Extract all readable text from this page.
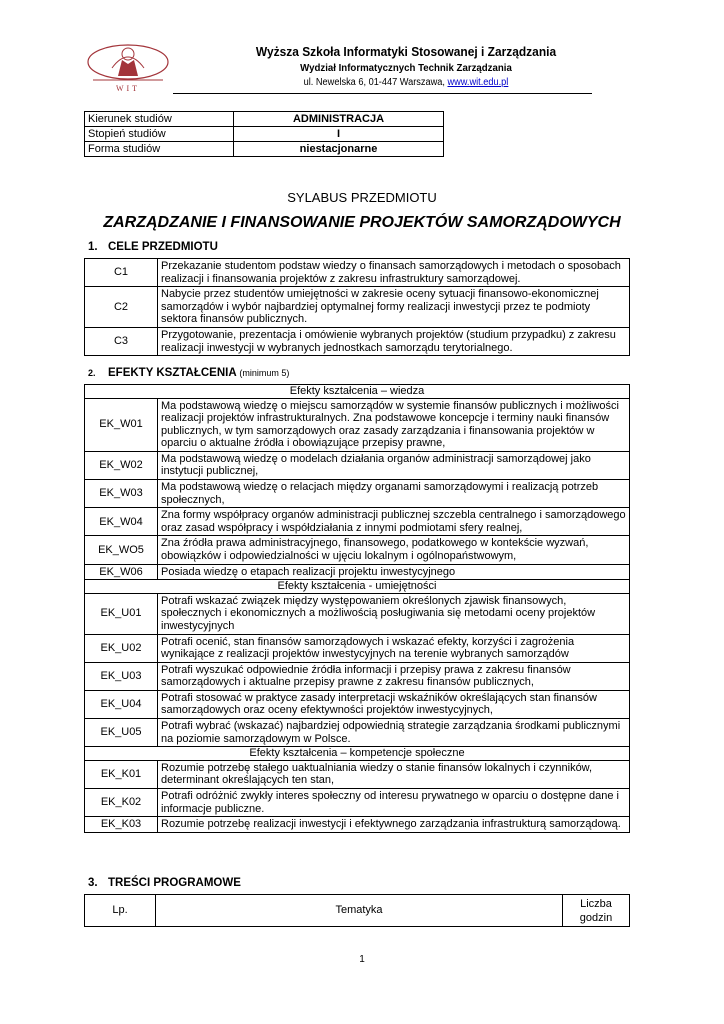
WIT
Wyższa Szkoła Informatyki Stosowanej i Zarządzania
Wydział Informatycznych Technik Zarządzania
ul. Newelska 6, 01-447 Warszawa, www.wit.edu.pl
Kierunek studiów	ADMINISTRACJA
Stopień studiów	I
Forma studiów	niestacjonarne
SYLABUS PRZEDMIOTU
ZARZĄDZANIE I FINANSOWANIE PROJEKTÓW SAMORZĄDOWYCH
1. CELE PRZEDMIOTU
C1	Przekazanie studentom podstaw wiedzy o finansach samorządowych i metodach o sposobach realizacji i finansowania projektów z zakresu infrastruktury samorządowej.
C2	Nabycie przez studentów umiejętności w zakresie oceny sytuacji finansowo-ekonomicznej samorządów i wybór najbardziej optymalnej formy realizacji inwestycji przez te podmioty sektora finansów publicznych.
C3	Przygotowanie, prezentacja i omówienie wybranych projektów (studium przypadku) z zakresu realizacji inwestycji w wybranych jednostkach samorządu terytorialnego.
2. EFEKTY KSZTAŁCENIA (minimum 5)
Efekty kształcenia – wiedza	
EK_W01	Ma podstawową wiedzę o miejscu samorządów w systemie finansów publicznych i możliwości realizacji projektów infrastrukturalnych. Zna podstawowe koncepcje i terminy nauki finansów publicznych, w tym samorządowych oraz zasady zarządzania i finansowania projektów w oparciu o aktualne źródła i obowiązujące przepisy prawne,
EK_W02	Ma podstawową wiedzę o modelach działania organów administracji samorządowej jako instytucji publicznej,
EK_W03	Ma podstawową wiedzę o relacjach między organami samorządowymi i realizacją potrzeb społecznych,
EK_W04	Zna formy współpracy organów administracji publicznej szczebla centralnego i samorządowego oraz zasad współpracy i współdziałania z innymi podmiotami sfery realnej,
EK_WO5	Zna źródła prawa administracyjnego, finansowego, podatkowego w kontekście wyzwań, obowiązków i odpowiedzialności w ujęciu lokalnym i ogólnopaństwowym,
EK_W06	Posiada wiedzę o etapach realizacji projektu inwestycyjnego
Efekty kształcenia - umiejętności	
EK_U01	Potrafi wskazać związek między występowaniem określonych zjawisk finansowych, społecznych i ekonomicznych a możliwością posługiwania się metodami oceny projektów inwestycyjnych
EK_U02	Potrafi ocenić, stan finansów samorządowych i wskazać efekty, korzyści i zagrożenia wynikające z realizacji projektów inwestycyjnych na terenie wybranych samorządów
EK_U03	Potrafi wyszukać odpowiednie źródła informacji i przepisy prawa z zakresu finansów samorządowych i aktualne przepisy prawne z zakresu finansów publicznych,
EK_U04	Potrafi stosować w praktyce zasady interpretacji wskaźników określających stan finansów samorządowych oraz oceny efektywności projektów inwestycyjnych,
EK_U05	Potrafi wybrać (wskazać) najbardziej odpowiednią strategie zarządzania środkami publicznymi na poziomie samorządowym w Polsce.
Efekty kształcenia – kompetencje społeczne	
EK_K01	Rozumie potrzebę stałego uaktualniania wiedzy o stanie finansów lokalnych i czynników, determinant określających ten stan,
EK_K02	Potrafi odróżnić zwykły interes społeczny od interesu prywatnego w oparciu o dostępne dane i informacje publiczne.
EK_K03	Rozumie potrzebę realizacji inwestycji i efektywnego zarządzania infrastrukturą samorządową.
3. TREŚCI PROGRAMOWE
Lp.	Tematyka	Liczba godzin
1
